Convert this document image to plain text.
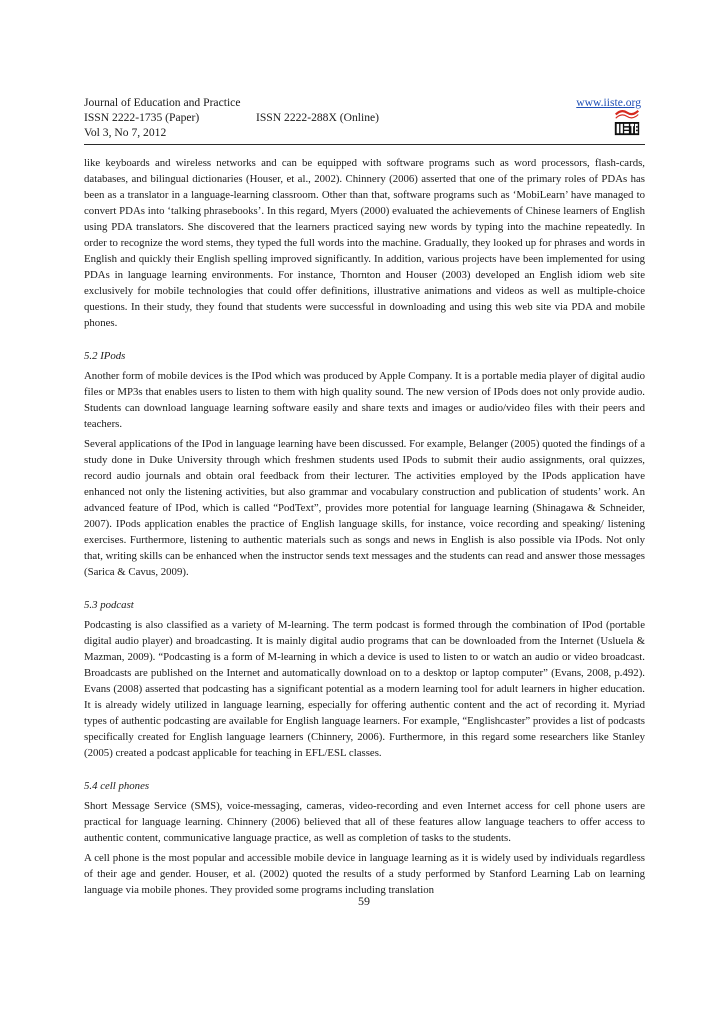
Journal of Education and Practice	www.iiste.org
ISSN 2222-1735 (Paper)	ISSN 2222-288X (Online)
Vol 3, No 7, 2012

like keyboards and wireless networks and can be equipped with software programs such as word processors, flash-cards, databases, and bilingual dictionaries (Houser, et al., 2002). Chinnery (2006) asserted that one of the primary roles of PDAs has been as a translator in a language-learning classroom. Other than that, software programs such as ‘MobiLearn’ have managed to convert PDAs into ‘talking phrasebooks’. In this regard, Myers (2000) evaluated the achievements of Chinese learners of English using PDA translators. She discovered that the learners practiced saying new words by typing into the machine repeatedly. In order to recognize the word stems, they typed the full words into the machine. Gradually, they looked up for phrases and words in English and quickly their English spelling improved significantly. In addition, various projects have been implemented for using PDAs in language learning environments. For instance, Thornton and Houser (2003) developed an English idiom web site exclusively for mobile technologies that could offer definitions, illustrative animations and videos as well as multiple-choice questions. In their study, they found that students were successful in downloading and using this web site via PDA and mobile phones.

5.2 IPods

Another form of mobile devices is the IPod which was produced by Apple Company. It is a portable media player of digital audio files or MP3s that enables users to listen to them with high quality sound. The new version of IPods does not only provide audio. Students can download language learning software easily and share texts and images or audio/video files with their peers and teachers.

Several applications of the IPod in language learning have been discussed. For example, Belanger (2005) quoted the findings of a study done in Duke University through which freshmen students used IPods to submit their audio assignments, oral quizzes, record audio journals and obtain oral feedback from their lecturer. The activities employed by the IPods application have enhanced not only the listening activities, but also grammar and vocabulary construction and publication of students’ work. An advanced feature of IPod, which is called “PodText”, provides more potential for language learning (Shinagawa & Schneider, 2007). IPods application enables the practice of English language skills, for instance, voice recording and speaking/ listening exercises. Furthermore, listening to authentic materials such as songs and news in English is also possible via IPods. Not only that, writing skills can be enhanced when the instructor sends text messages and the students can read and answer those messages (Sarica & Cavus, 2009).

5.3 podcast

Podcasting is also classified as a variety of M-learning. The term podcast is formed through the combination of IPod (portable digital audio player) and broadcasting. It is mainly digital audio programs that can be downloaded from the Internet (Usluela & Mazman, 2009). “Podcasting is a form of M-learning in which a device is used to listen to or watch an audio or video broadcast. Broadcasts are published on the Internet and automatically download on to a desktop or laptop computer” (Evans, 2008, p.492). Evans (2008) asserted that podcasting has a significant potential as a modern learning tool for adult learners in higher education. It is already widely utilized in language learning, especially for offering authentic content and the act of recording it. Myriad types of authentic podcasting are available for English language learners. For example, “Englishcaster” provides a list of podcasts specifically created for English language learners (Chinnery, 2006). Furthermore, in this regard some researchers like Stanley (2005) created a podcast applicable for teaching in EFL/ESL classes.

5.4 cell phones

Short Message Service (SMS), voice-messaging, cameras, video-recording and even Internet access for cell phone users are practical for language learning. Chinnery (2006) believed that all of these features allow language teachers to offer access to authentic content, communicative language practice, as well as completion of tasks to the students.

A cell phone is the most popular and accessible mobile device in language learning as it is widely used by individuals regardless of their age and gender. Houser, et al. (2002) quoted the results of a study performed by Stanford Learning Lab on learning language via mobile phones. They provided some programs including translation

59
